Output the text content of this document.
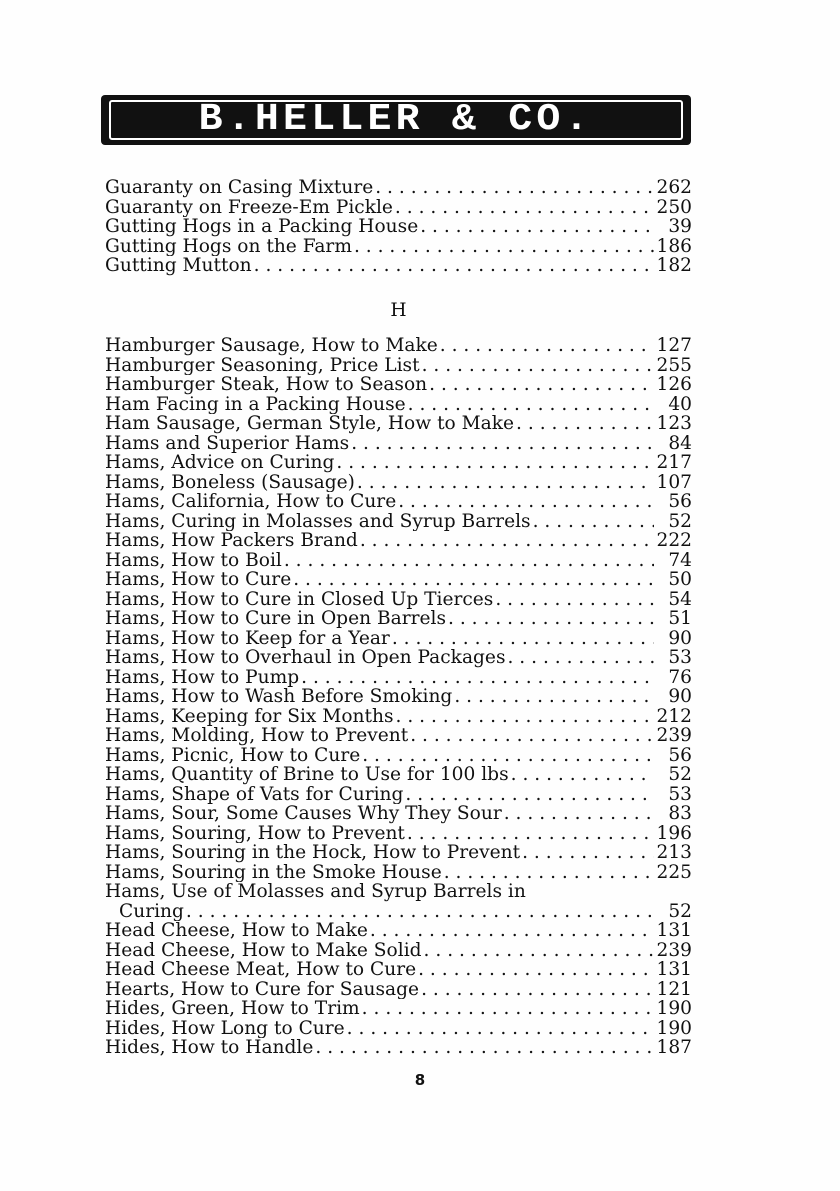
B.HELLER & CO.
Guaranty on Casing Mixture . . .	262
Guaranty on Freeze-Em Pickle . . .	250
Gutting Hogs in a Packing House . . .	39
Gutting Hogs on the Farm . . .	186
Gutting Mutton . . .	182
H
Hamburger Sausage, How to Make . . .	127
Hamburger Seasoning, Price List . . .	255
Hamburger Steak, How to Season . . .	126
Ham Facing in a Packing House . . .	40
Ham Sausage, German Style, How to Make . . .	123
Hams and Superior Hams . . .	84
Hams, Advice on Curing . . .	217
Hams, Boneless (Sausage) . . .	107
Hams, California, How to Cure . . .	56
Hams, Curing in Molasses and Syrup Barrels . . .	52
Hams, How Packers Brand . . .	222
Hams, How to Boil . . .	74
Hams, How to Cure . . .	50
Hams, How to Cure in Closed Up Tierces . . .	54
Hams, How to Cure in Open Barrels . . .	51
Hams, How to Keep for a Year . . .	90
Hams, How to Overhaul in Open Packages . . .	53
Hams, How to Pump . . .	76
Hams, How to Wash Before Smoking . . .	90
Hams, Keeping for Six Months . . .	212
Hams, Molding, How to Prevent . . .	239
Hams, Picnic, How to Cure . . .	56
Hams, Quantity of Brine to Use for 100 lbs . . .	52
Hams, Shape of Vats for Curing . . .	53
Hams, Sour, Some Causes Why They Sour . . .	83
Hams, Souring, How to Prevent . . .	196
Hams, Souring in the Hock, How to Prevent . . .	213
Hams, Souring in the Smoke House . . .	225
Hams, Use of Molasses and Syrup Barrels in
Curing . . .	52
Head Cheese, How to Make . . .	131
Head Cheese, How to Make Solid . . .	239
Head Cheese Meat, How to Cure . . .	131
Hearts, How to Cure for Sausage . . .	121
Hides, Green, How to Trim . . .	190
Hides, How Long to Cure . . .	190
Hides, How to Handle . . .	187
8
